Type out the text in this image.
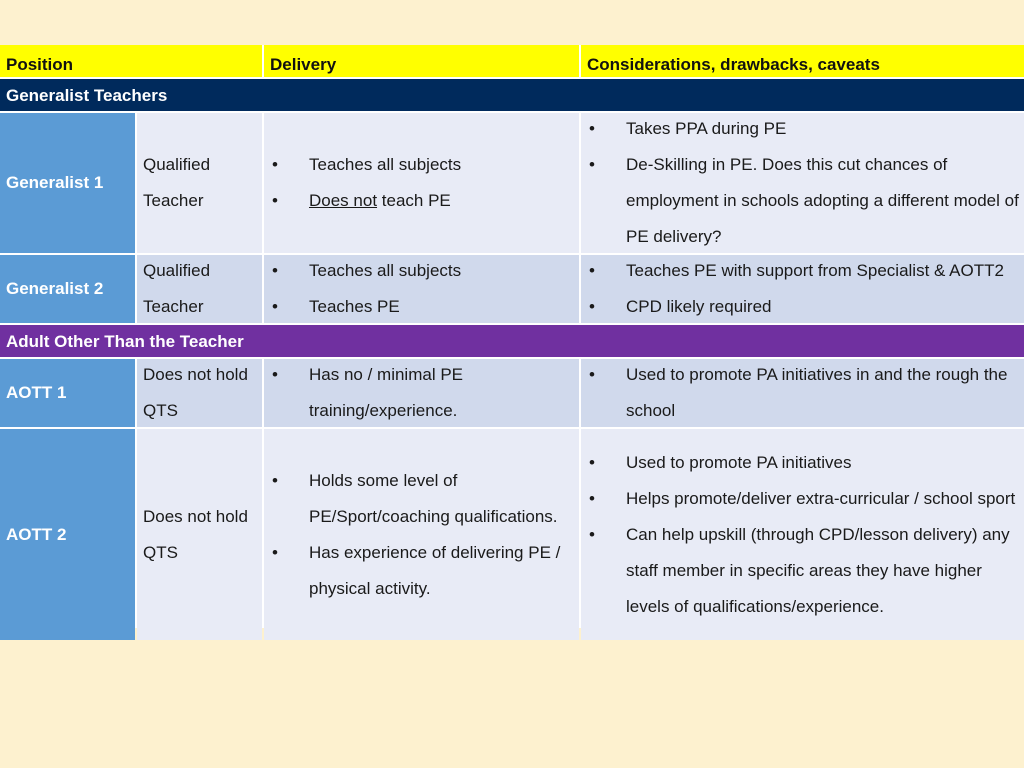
Position	Delivery	Considerations, drawbacks, caveats
Generalist Teachers
Generalist 1
Qualified Teacher
• Teaches all subjects
• Does not teach PE
• Takes PPA during PE
• De-Skilling in PE. Does this cut chances of employment in schools adopting a different model of PE delivery?
Generalist 2
Qualified Teacher
• Teaches all subjects
• Teaches PE
• Teaches PE with support from Specialist & AOTT2
• CPD likely required
Adult Other Than the Teacher
AOTT 1
Does not hold QTS
• Has no / minimal PE training/experience.
• Used to promote PA initiatives in and the rough the school
AOTT 2
Does not hold QTS
• Holds some level of PE/Sport/coaching qualifications.
• Has experience of delivering PE / physical activity.
• Used to promote PA initiatives
• Helps promote/deliver extra-curricular / school sport
• Can help upskill (through CPD/lesson delivery) any staff member in specific areas they have higher levels of qualifications/experience.
